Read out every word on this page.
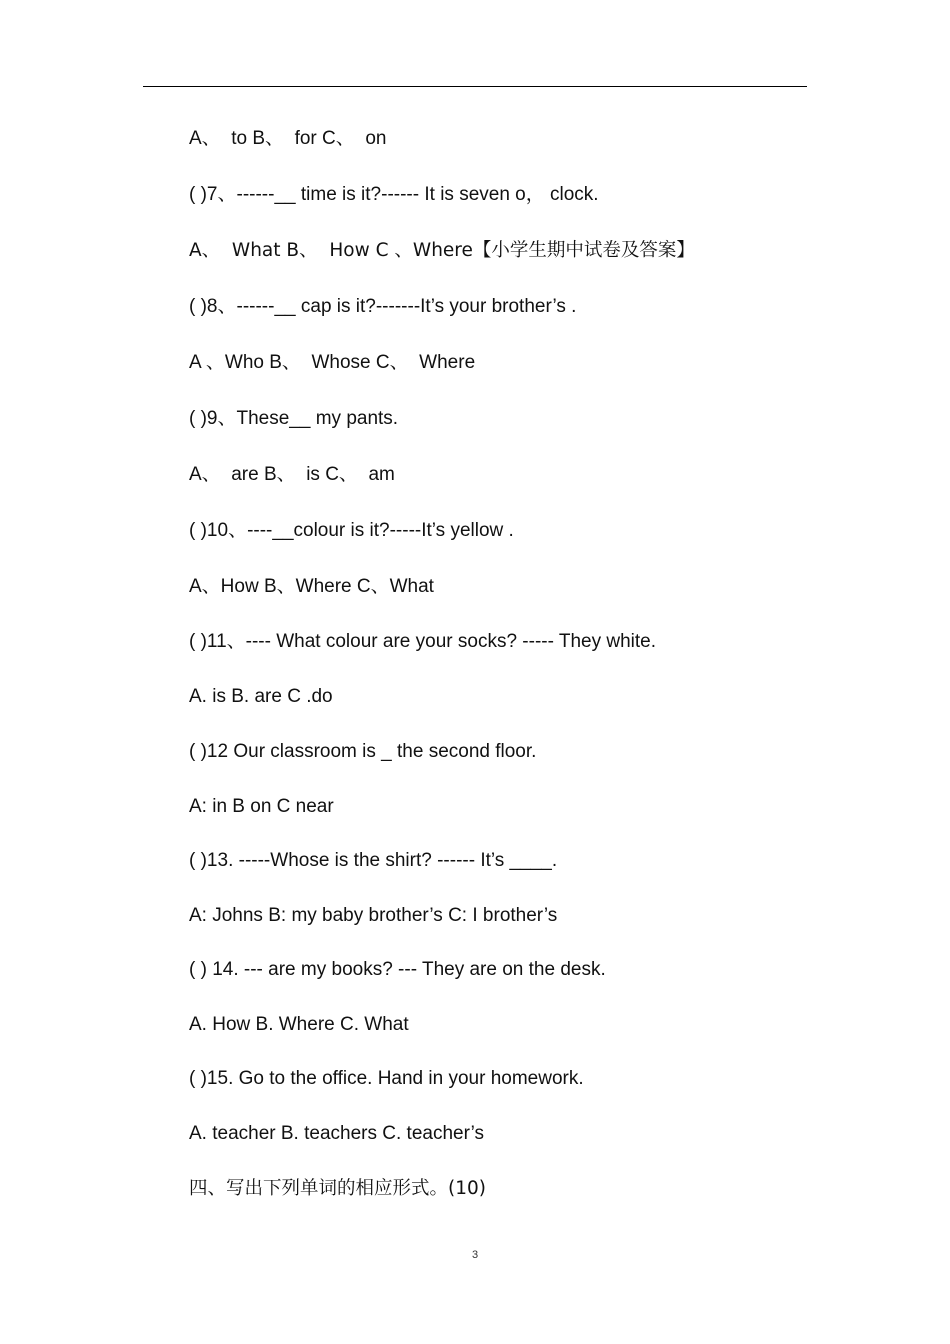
A、  to B、  for C、  on
( )7、------__ time is it?------ It is seven o， clock.
A、  What B、  How C 、Where【小学生期中试卷及答案】
( )8、------__ cap is it?-------It’s your brother’s .
A 、Who B、  Whose C、  Where
( )9、These__ my pants.
A、  are B、  is C、  am
( )10、----__colour is it?-----It’s yellow .
A、How B、Where C、What
( )11、---- What colour are your socks? ----- They white.
A. is B. are C .do
( )12 Our classroom is _ the second floor.
A: in B on C near
( )13. -----Whose is the shirt? ------ It’s ____.
A: Johns B: my baby brother’s C: I brother’s
( ) 14. --- are my books? --- They are on the desk.
A. How B. Where C. What
( )15. Go to the office. Hand in your homework.
A. teacher B. teachers C. teacher’s
四、写出下列单词的相应形式。(10)
3
